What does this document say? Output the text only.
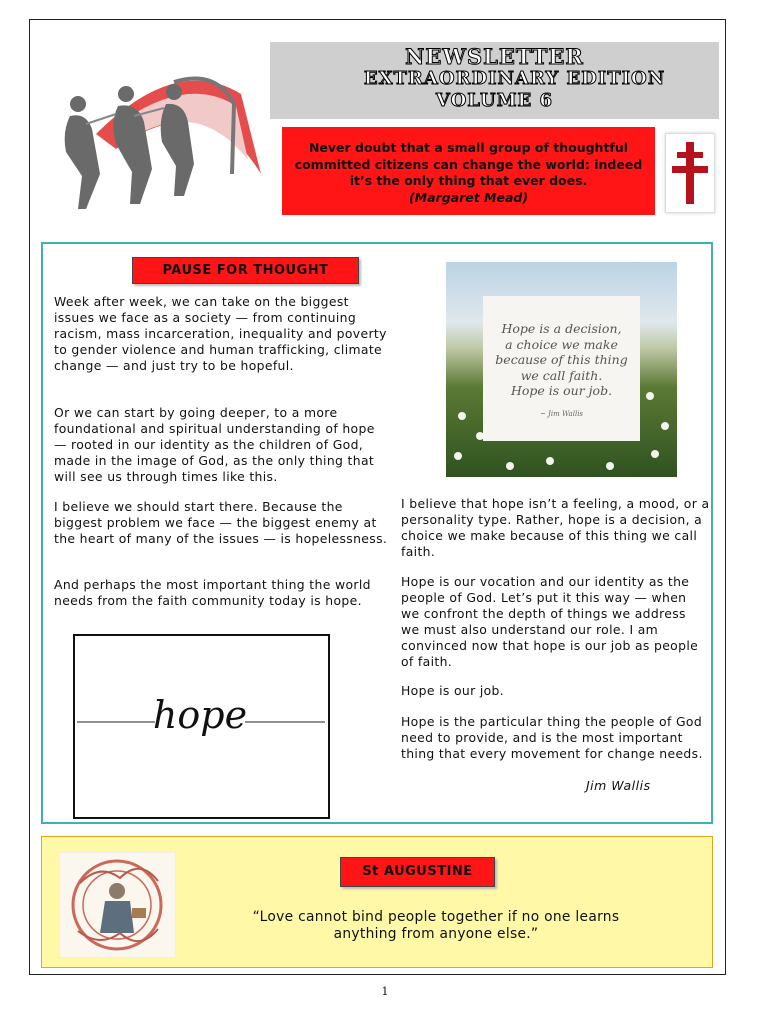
NEWSLETTER
EXTRAORDINARY EDITION
VOLUME 6
Never doubt that a small group of thoughtful committed citizens can change the world: indeed it’s the only thing that ever does.
(Margaret Mead)
PAUSE FOR THOUGHT

Week after week, we can take on the biggest issues we face as a society — from continuing racism, mass incarceration, inequality and poverty to gender violence and human trafficking, climate change — and just try to be hopeful.

Or we can start by going deeper, to a more foundational and spiritual understanding of hope — rooted in our identity as the children of God, made in the image of God, as the only thing that will see us through times like this.

I believe we should start there. Because the biggest problem we face — the biggest enemy at the heart of many of the issues — is hopelessness.

And perhaps the most important thing the world needs from the faith community today is hope.

Hope is a decision,
a choice we make
because of this thing
we call faith.
Hope is our job.
~ Jim Wallis

I believe that hope isn’t a feeling, a mood, or a personality type. Rather, hope is a decision, a choice we make because of this thing we call faith.

Hope is our vocation and our identity as the people of God. Let’s put it this way — when we confront the depth of things we address we must also understand our role. I am convinced now that hope is our job as people of faith.

Hope is our job.

Hope is the particular thing the people of God need to provide, and is the most important thing that every movement for change needs.

Jim Wallis
hope
St AUGUSTINE
“Love cannot bind people together if no one learns anything from anyone else.”
1
